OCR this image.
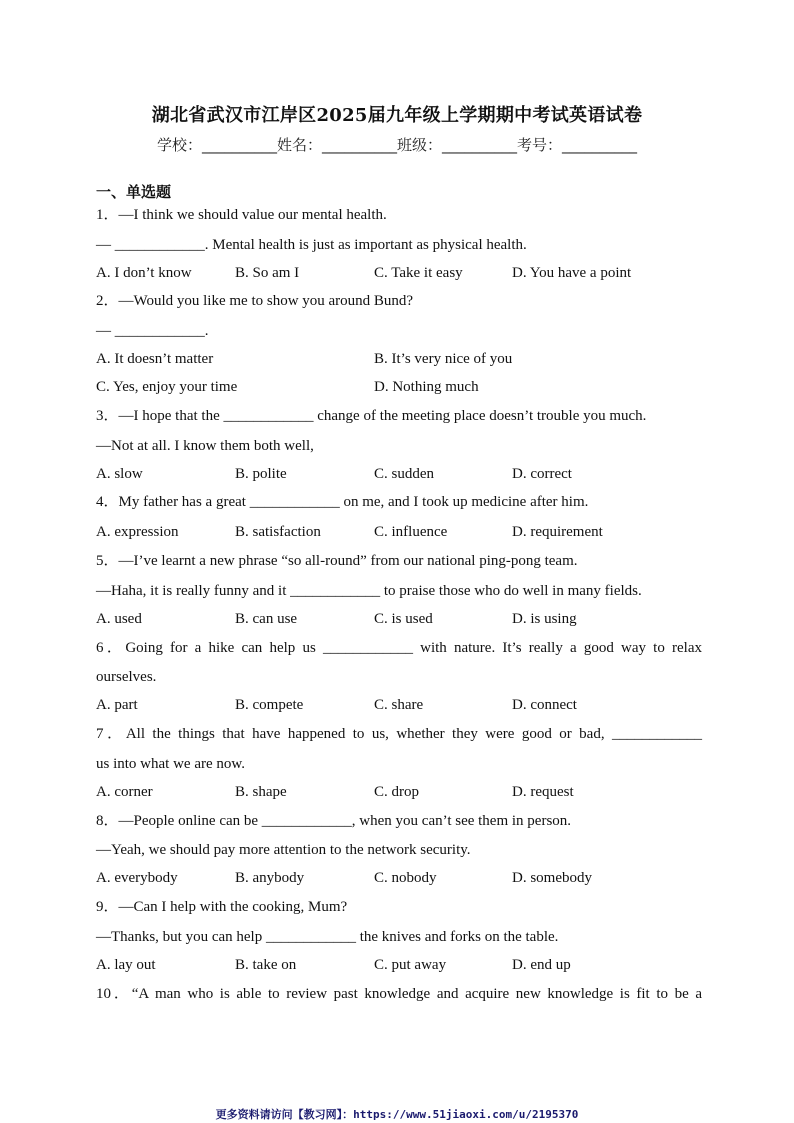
湖北省武汉市江岸区2025届九年级上学期期中考试英语试卷
学校：__________姓名：__________班级：__________考号：__________
一、单选题
1．—I think we should value our mental health.
— ____________. Mental health is just as important as physical health.
A. I don’t know	B. So am I	C. Take it easy	D. You have a point
2．—Would you like me to show you around Bund?
— ____________.
A. It doesn’t matter	B. It’s very nice of you
C. Yes, enjoy your time	D. Nothing much
3．—I hope that the ____________ change of the meeting place doesn’t trouble you much.
—Not at all. I know them both well,
A. slow	B. polite	C. sudden	D. correct
4．My father has a great ____________ on me, and I took up medicine after him.
A. expression	B. satisfaction	C. influence	D. requirement
5．—I’ve learnt a new phrase “so all-round” from our national ping-pong team.
—Haha, it is really funny and it ____________ to praise those who do well in many fields.
A. used	B. can use	C. is used	D. is using
6．Going for a hike can help us ____________ with nature. It’s really a good way to relax
ourselves.
A. part	B. compete	C. share	D. connect
7．All the things that have happened to us, whether they were good or bad, ____________
us into what we are now.
A. corner	B. shape	C. drop	D. request
8．—People online can be ____________, when you can’t see them in person.
—Yeah, we should pay more attention to the network security.
A. everybody	B. anybody	C. nobody	D. somebody
9．—Can I help with the cooking, Mum?
—Thanks, but you can help ____________ the knives and forks on the table.
A. lay out	B. take on	C. put away	D. end up
10．“A man who is able to review past knowledge and acquire new knowledge is fit to be a
更多资料请访问【教习网】：https://www.51jiaoxi.com/u/2195370
